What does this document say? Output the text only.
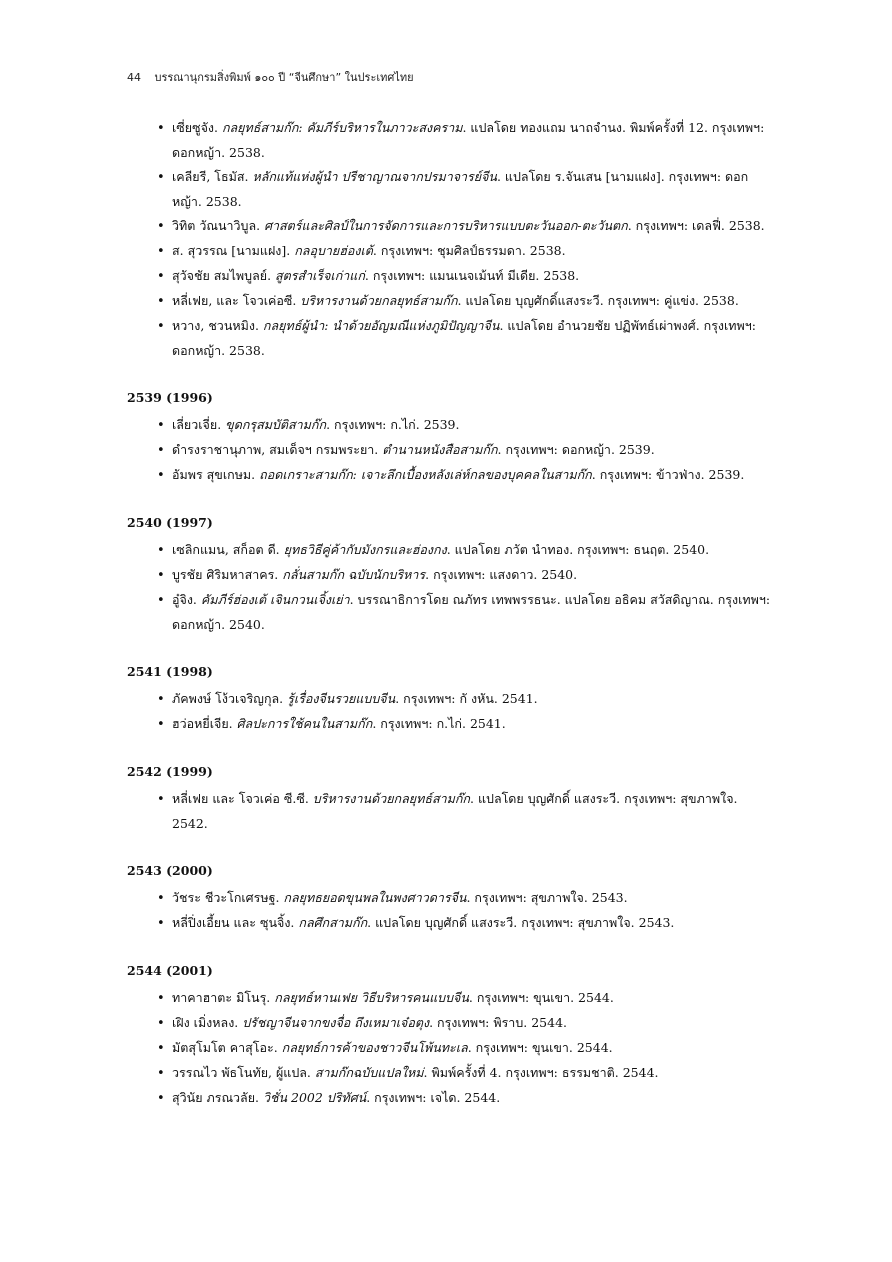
44 บรรณานุกรมสิ่งพิมพ์ ๑๐๐ ปี “จีนศึกษา” ในประเทศไทย
• เซี่ยซูจัง. กลยุทธ์สามก๊ก: คัมภีร์บริหารในภาวะสงคราม. แปลโดย ทองแถม นาถจำนง. พิมพ์ครั้งที่ 12. กรุงเทพฯ: ดอกหญ้า. 2538.
• เคลียรี, โธมัส. หลักแท้แห่งผู้นำ ปรีชาญาณจากปรมาจารย์จีน. แปลโดย ร.จันเสน [นามแฝง]. กรุงเทพฯ: ดอกหญ้า. 2538.
• วิทิต วัณนาวิบูล. ศาสตร์และศิลป์ในการจัดการและการบริหารแบบตะวันออก-ตะวันตก. กรุงเทพฯ: เดลฟี่. 2538.
• ส. สุวรรณ [นามแฝง]. กลอุบายฮ่องเต้. กรุงเทพฯ: ชุมศิลป์ธรรมดา. 2538.
• สุวัจชัย สมไพบูลย์. สูตรสำเร็จเก่าแก่. กรุงเทพฯ: แมนเนจเม้นท์ มีเดีย. 2538.
• หลี่เฟย, และ โจวเค่อซี. บริหารงานด้วยกลยุทธ์สามก๊ก. แปลโดย บุญศักดิ์แสงระวี. กรุงเทพฯ: คู่แข่ง. 2538.
• หวาง, ชวนหมิง. กลยุทธ์ผู้นำ: นำด้วยอัญมณีแห่งภูมิปัญญาจีน. แปลโดย อำนวยชัย ปฏิพัทธ์เผ่าพงศ์. กรุงเทพฯ: ดอกหญ้า. 2538.
2539 (1996)
• เลี่ยวเจี่ย. ขุดกรุสมบัติสามก๊ก. กรุงเทพฯ: ก.ไก่. 2539.
• ดำรงราชานุภาพ, สมเด็จฯ กรมพระยา. ตำนานหนังสือสามก๊ก. กรุงเทพฯ: ดอกหญ้า. 2539.
• อัมพร สุขเกษม. ถอดเกราะสามก๊ก: เจาะลึกเบื้องหลังเล่ห์กลของบุคคลในสามก๊ก. กรุงเทพฯ: ข้าวฟ่าง. 2539.
2540 (1997)
• เซลิกแมน, สก็อต ดี. ยุทธวิธีคู่ค้ากับมังกรและฮ่องกง. แปลโดย ภวัต นำทอง. กรุงเทพฯ: ธนฤต. 2540.
• บูรชัย ศิริมหาสาคร. กลั่นสามก๊ก ฉบับนักบริหาร. กรุงเทพฯ: แสงดาว. 2540.
• อู๋จิง. คัมภีร์ฮ่องเต้ เจินกวนเจิ้งเย่า. บรรณาธิการโดย ณภัทร เทพพรรธนะ. แปลโดย อธิคม สวัสดิญาณ. กรุงเทพฯ: ดอกหญ้า. 2540.
2541 (1998)
• ภัคพงษ์ โง้วเจริญกุล. รู้เรื่องจีนรวยแบบจีน. กรุงเทพฯ: กั งหัน. 2541.
• ฮว่อหยี่เจีย. ศิลปะการใช้คนในสามก๊ก. กรุงเทพฯ: ก.ไก่. 2541.
2542 (1999)
• หลี่เฟย และ โจวเค่อ ซี.ซี. บริหารงานด้วยกลยุทธ์สามก๊ก. แปลโดย บุญศักดิ์ แสงระวี. กรุงเทพฯ: สุขภาพใจ. 2542.
2543 (2000)
• วัชระ ชีวะโกเศรษฐ. กลยุทธยอดขุนพลในพงศาวดารจีน. กรุงเทพฯ: สุขภาพใจ. 2543.
• หลี่ปิ่งเอี้ยน และ ซุนจิ้ง. กลศึกสามก๊ก. แปลโดย บุญศักดิ์ แสงระวี. กรุงเทพฯ: สุขภาพใจ. 2543.
2544 (2001)
• ทาคาฮาตะ มิโนรุ. กลยุทธ์หานเฟย วิธีบริหารคนแบบจีน. กรุงเทพฯ: ขุนเขา. 2544.
• เฝิง เมิ่งหลง. ปรัชญาจีนจากขงจื่อ ถึงเหมาเจ๋อตุง. กรุงเทพฯ: พิราบ. 2544.
• มัตสุโมโต คาสุโอะ. กลยุทธ์การค้าของชาวจีนโพ้นทะเล. กรุงเทพฯ: ขุนเขา. 2544.
• วรรณไว พัธโนทัย, ผู้แปล. สามก๊กฉบับแปลใหม่. พิมพ์ครั้งที่ 4. กรุงเทพฯ: ธรรมชาติ. 2544.
• สุวินัย ภรณวลัย. วิชั่น 2002 ปริทัศน์. กรุงเทพฯ: เจได. 2544.
